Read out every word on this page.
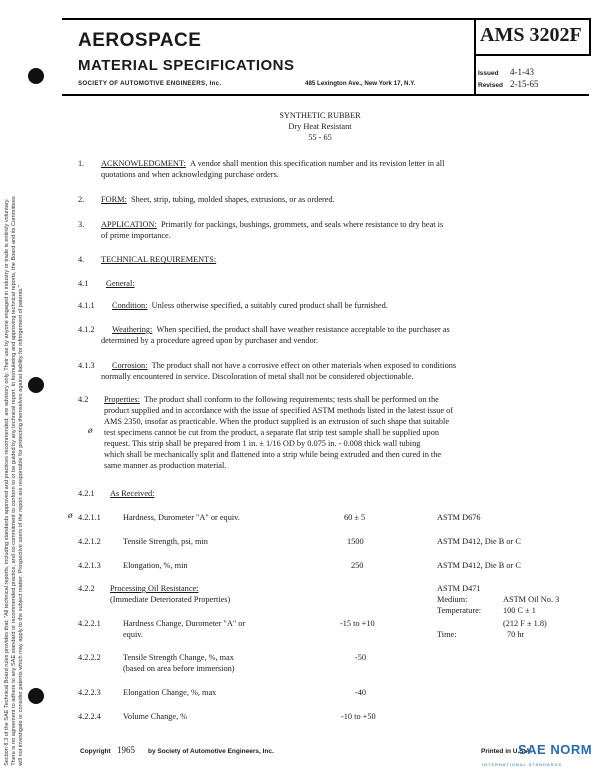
Section 8.3 of the SAE Technical Board rules provides that: "All technical reports, including standards approved and practices recommended, are advisory only. Their use by anyone engaged in industry or trade is entirely voluntary. There is no agreement to adhere to any SAE standard or recommended practice, and no commitment to conform to or be guided by any technical report. In formulating and approving technical reports, the Board and its Committees will not investigate or consider patents which may apply to the subject matter. Prospective users of the report are responsible for protecting themselves against liability for infringement of patents."
AEROSPACE
MATERIAL SPECIFICATIONS
SOCIETY OF AUTOMOTIVE ENGINEERS, Inc.	485 Lexington Ave., New York 17, N.Y.
AMS 3202F
Issued 4-1-43
Revised 2-15-65
SYNTHETIC RUBBER
Dry Heat Resistant
55 - 65
1. ACKNOWLEDGMENT: A vendor shall mention this specification number and its revision letter in all
quotations and when acknowledging purchase orders.
2. FORM: Sheet, strip, tubing, molded shapes, extrusions, or as ordered.
3. APPLICATION: Primarily for packings, bushings, grommets, and seals where resistance to dry heat is
of prime importance.
4. TECHNICAL REQUIREMENTS:
4.1 General:
4.1.1 Condition: Unless otherwise specified, a suitably cured product shall be furnished.
4.1.2 Weathering: When specified, the product shall have weather resistance acceptable to the purchaser as
determined by a procedure agreed upon by purchaser and vendor.
4.1.3 Corrosion: The product shall not have a corrosive effect on other materials when exposed to conditions
normally encountered in service. Discoloration of metal shall not be considered objectionable.
4.2 Properties: The product shall conform to the following requirements; tests shall be performed on the
product supplied and in accordance with the issue of specified ASTM methods listed in the latest issue of
AMS 2350, insofar as practicable. When the product supplied is an extrusion of such shape that suitable
ø test specimens cannot be cut from the product, a separate flat strip test sample shall be supplied upon
request. This strip shall be prepared from 1 in. ± 1/16 OD by 0.075 in. - 0.008 thick wall tubing
which shall be mechanically split and flattened into a strip while being extruded and then cured in the
same manner as production material.
4.2.1 As Received:
ø 4.2.1.1	Hardness, Durometer "A" or equiv.	60 ± 5	ASTM D676
4.2.1.2	Tensile Strength, psi, min	1500	ASTM D412, Die B or C
4.2.1.3	Elongation, %, min	250	ASTM D412, Die B or C
4.2.2 Processing Oil Resistance:
(Immediate Deteriorated Properties)
ASTM D471
Medium:	ASTM Oil No. 3
Temperature:	100 C ± 1
(212 F ± 1.8)
Time:	70 hr
4.2.2.1	Hardness Change, Durometer "A" or
equiv.
-15 to +10
4.2.2.2	Tensile Strength Change, %, max
(based on area before immersion)
-50
4.2.2.3	Elongation Change, %, max	-40
4.2.2.4	Volume Change, %	-10 to +50
Copyright 1965 by Society of Automotive Engineers, Inc.	Printed in U.S.A.
SAE NORM
INTERNATIONAL STANDARDS
